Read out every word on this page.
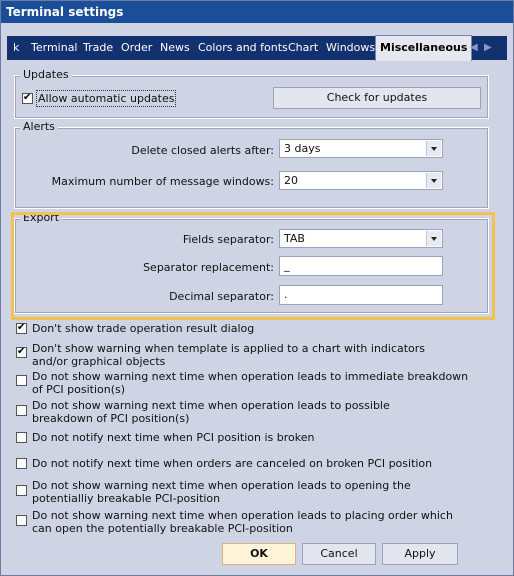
Terminal settings
k Terminal Trade Order News Colors and fonts Chart Windows Miscellaneous ◀ ▶
Updates
✔
Allow automatic updates	Check for updates
Alerts
Delete closed alerts after: 3 days
Maximum number of message windows: 20
Export
Fields separator: TAB
Separator replacement: _
Decimal separator: .
✔
Don't show trade operation result dialog
✔
Don't show warning when template is applied to a chart with indicators and/or graphical objects
Do not show warning next time when operation leads to immediate breakdown of PCI position(s)
Do not show warning next time when operation leads to possible breakdown of PCI position(s)
Do not notify next time when PCI position is broken
Do not notify next time when orders are canceled on broken PCI position
Do not show warning next time when operation leads to opening the potentialliy breakable PCI-position
Do not show warning next time when operation leads to placing order which can open the potentially breakable PCI-position
OK	Cancel	Apply
